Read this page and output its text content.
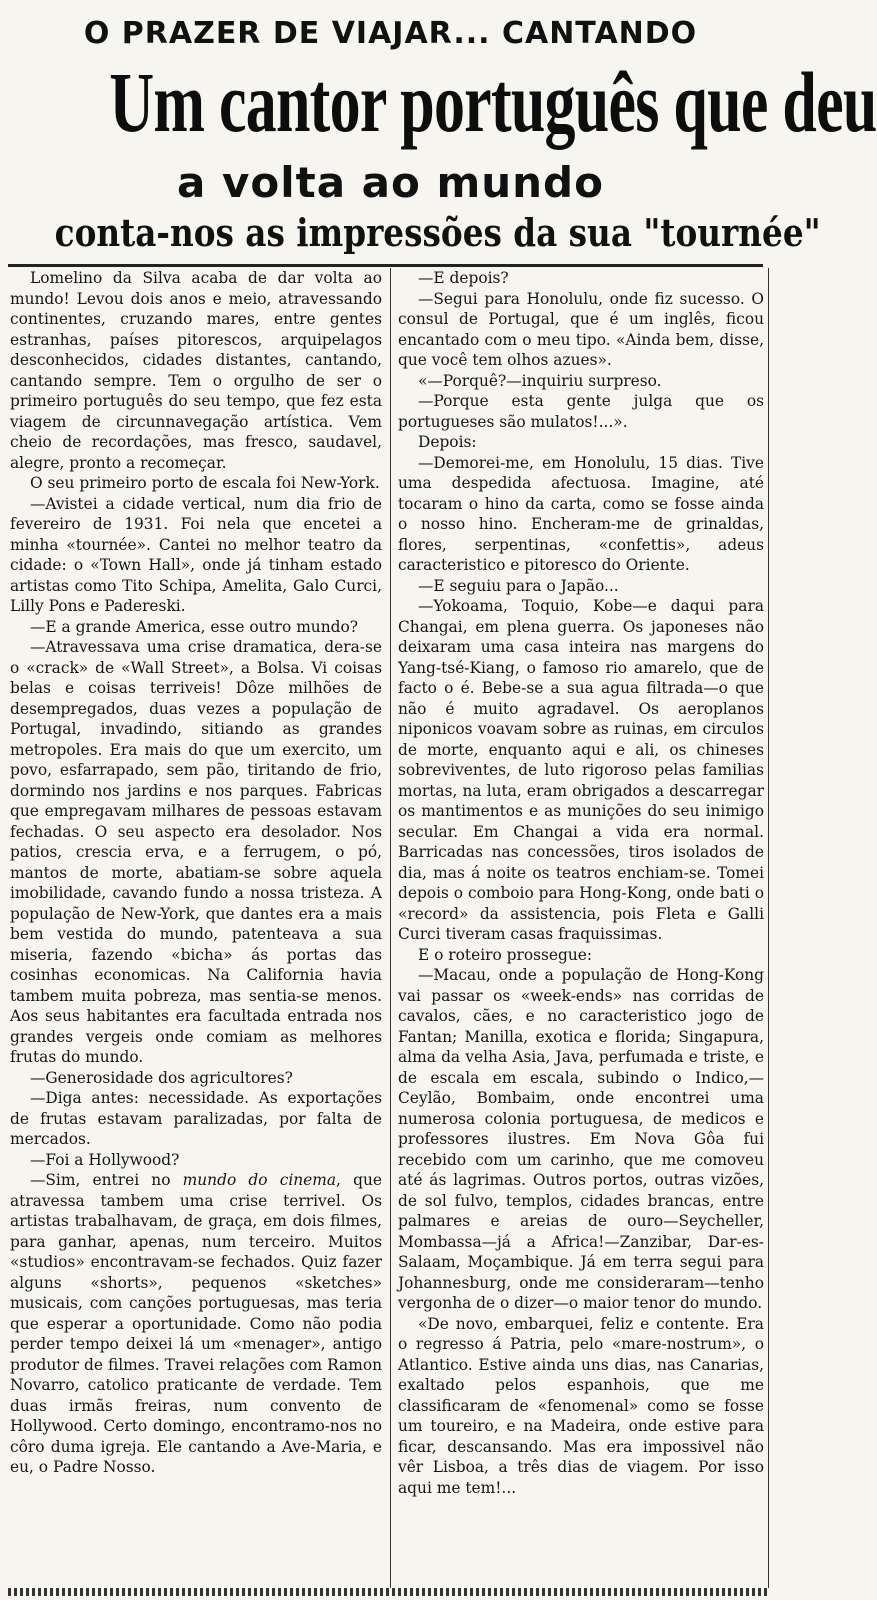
O PRAZER DE VIAJAR... CANTANDO
Um cantor português que deu
a volta ao mundo
conta-nos as impressões da sua "tournée"

Lomelino da Silva acaba de dar volta ao mundo! Levou dois anos e meio, atravessando continentes, cruzando mares, entre gentes estranhas, países pitorescos, arquipelagos desconhecidos, cidades distantes, cantando, cantando sempre. Tem o orgulho de ser o primeiro português do seu tempo, que fez esta viagem de circunnavegação artística. Vem cheio de recordações, mas fresco, saudavel, alegre, pronto a recomeçar.

O seu primeiro porto de escala foi New-York.

—Avistei a cidade vertical, num dia frio de fevereiro de 1931. Foi nela que encetei a minha «tournée». Cantei no melhor teatro da cidade: o «Town Hall», onde já tinham estado artistas como Tito Schipa, Amelita, Galo Curci, Lilly Pons e Padereski.

—E a grande America, esse outro mundo?

—Atravessava uma crise dramatica, dera-se o «crack» de «Wall Street», a Bolsa. Vi coisas belas e coisas terriveis! Dôze milhões de desempregados, duas vezes a população de Portugal, invadindo, sitiando as grandes metropoles. Era mais do que um exercito, um povo, esfarrapado, sem pão, tiritando de frio, dormindo nos jardins e nos parques. Fabricas que empregavam milhares de pessoas estavam fechadas. O seu aspecto era desolador. Nos patios, crescia erva, e a ferrugem, o pó, mantos de morte, abatiam-se sobre aquela imobilidade, cavando fundo a nossa tristeza. A população de New-York, que dantes era a mais bem vestida do mundo, patenteava a sua miseria, fazendo «bicha» ás portas das cosinhas economicas. Na California havia tambem muita pobreza, mas sentia-se menos. Aos seus habitantes era facultada entrada nos grandes vergeis onde comiam as melhores frutas do mundo.

—Generosidade dos agricultores?

—Diga antes: necessidade. As exportações de frutas estavam paralizadas, por falta de mercados.

—Foi a Hollywood?

—Sim, entrei no mundo do cinema, que atravessa tambem uma crise terrivel. Os artistas trabalhavam, de graça, em dois filmes, para ganhar, apenas, num terceiro. Muitos «studios» encontravam-se fechados. Quiz fazer alguns «shorts», pequenos «sketches» musicais, com canções portuguesas, mas teria que esperar a oportunidade. Como não podia perder tempo deixei lá um «menager», antigo produtor de filmes. Travei relações com Ramon Novarro, catolico praticante de verdade. Tem duas irmãs freiras, num convento de Hollywood. Certo domingo, encontramo-nos no côro duma igreja. Ele cantando a Ave-Maria, e eu, o Padre Nosso.

—E depois?

—Segui para Honolulu, onde fiz sucesso. O consul de Portugal, que é um inglês, ficou encantado com o meu tipo. «Ainda bem, disse, que você tem olhos azues».

«—Porquê?—inquiriu surpreso.

—Porque esta gente julga que os portugueses são mulatos!...».

Depois:

—Demorei-me, em Honolulu, 15 dias. Tive uma despedida afectuosa. Imagine, até tocaram o hino da carta, como se fosse ainda o nosso hino. Encheram-me de grinaldas, flores, serpentinas, «confettis», adeus caracteristico e pitoresco do Oriente.

—E seguiu para o Japão...

—Yokoama, Toquio, Kobe—e daqui para Changai, em plena guerra. Os japoneses não deixaram uma casa inteira nas margens do Yang-tsé-Kiang, o famoso rio amarelo, que de facto o é. Bebe-se a sua agua filtrada—o que não é muito agradavel. Os aeroplanos niponicos voavam sobre as ruinas, em circulos de morte, enquanto aqui e ali, os chineses sobreviventes, de luto rigoroso pelas familias mortas, na luta, eram obrigados a descarregar os mantimentos e as munições do seu inimigo secular. Em Changai a vida era normal. Barricadas nas concessões, tiros isolados de dia, mas á noite os teatros enchiam-se. Tomei depois o comboio para Hong-Kong, onde bati o «record» da assistencia, pois Fleta e Galli Curci tiveram casas fraquissimas.

E o roteiro prossegue:

—Macau, onde a população de Hong-Kong vai passar os «week-ends» nas corridas de cavalos, cães, e no caracteristico jogo de Fantan; Manilla, exotica e florida; Singapura, alma da velha Asia, Java, perfumada e triste, e de escala em escala, subindo o Indico,—Ceylão, Bombaim, onde encontrei uma numerosa colonia portuguesa, de medicos e professores ilustres. Em Nova Gôa fui recebido com um carinho, que me comoveu até ás lagrimas. Outros portos, outras vizões, de sol fulvo, templos, cidades brancas, entre palmares e areias de ouro—Seycheller, Mombassa—já a Africa!—Zanzibar, Dar-es-Salaam, Moçambique. Já em terra segui para Johannesburg, onde me consideraram—tenho vergonha de o dizer—o maior tenor do mundo.

«De novo, embarquei, feliz e contente. Era o regresso á Patria, pelo «mare-nostrum», o Atlantico. Estive ainda uns dias, nas Canarias, exaltado pelos espanhois, que me classificaram de «fenomenal» como se fosse um toureiro, e na Madeira, onde estive para ficar, descansando. Mas era impossivel não vêr Lisboa, a três dias de viagem. Por isso aqui me tem!...
